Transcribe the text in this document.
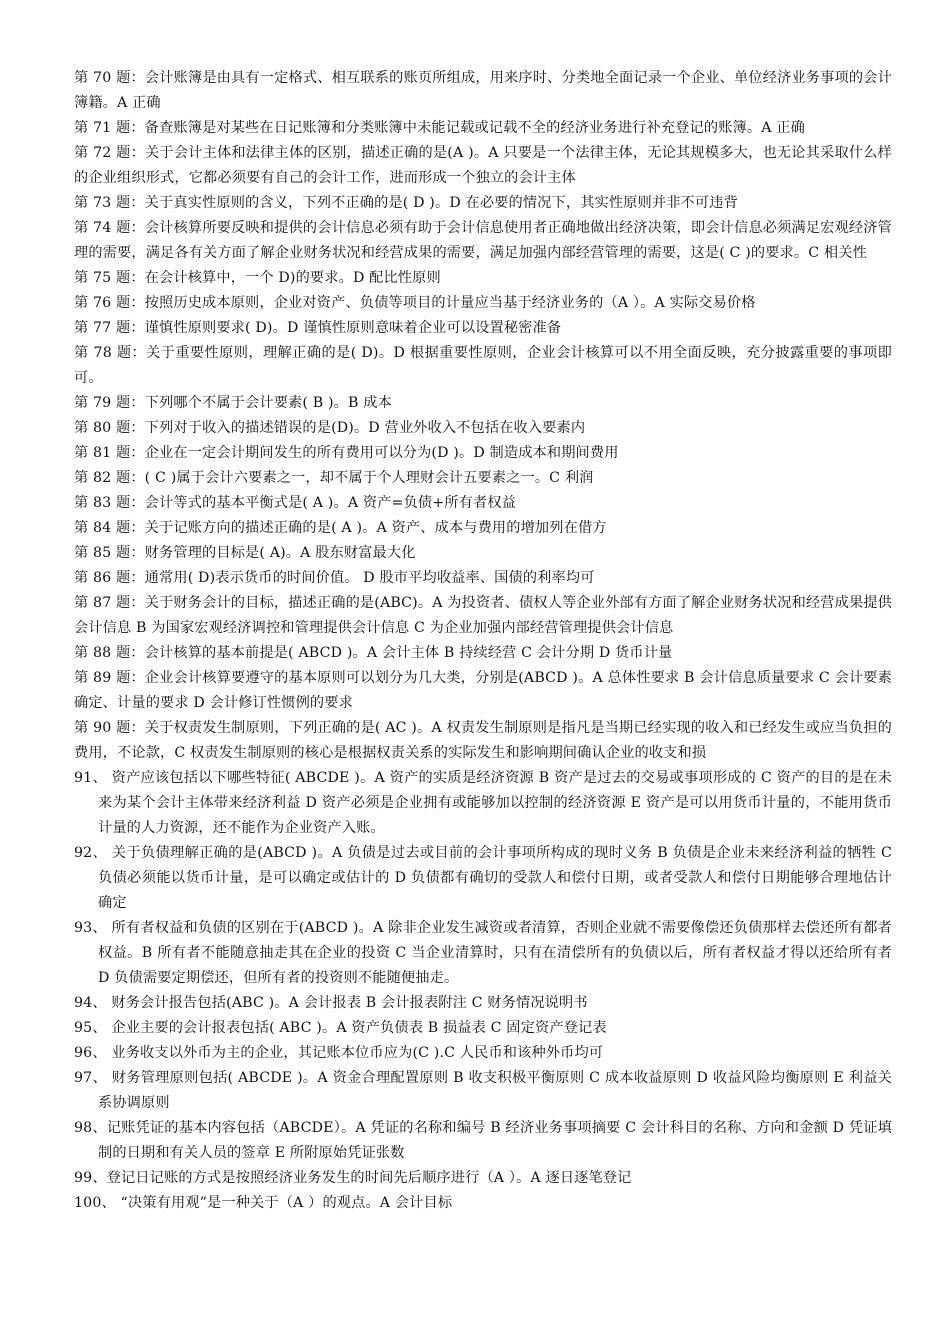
第 70 题：会计账簿是由具有一定格式、相互联系的账页所组成，用来序时、分类地全面记录一个企业、单位经济业务事项的会计簿籍。A 正确

第 71 题：备查账簿是对某些在日记账簿和分类账簿中未能记载或记载不全的经济业务进行补充登记的账簿。A 正确

第 72 题：关于会计主体和法律主体的区别，描述正确的是(A )。A 只要是一个法律主体，无论其规模多大，也无论其采取什么样的企业组织形式，它都必须要有自己的会计工作，进而形成一个独立的会计主体

第 73 题：关于真实性原则的含义，下列不正确的是( D )。D 在必要的情况下，其实性原则并非不可违背

第 74 题：会计核算所要反映和提供的会计信息必须有助于会计信息使用者正确地做出经济决策，即会计信息必须满足宏观经济管理的需要，满足各有关方面了解企业财务状况和经营成果的需要，满足加强内部经营管理的需要，这是( C )的要求。C 相关性

第 75 题：在会计核算中，一个 D)的要求。D 配比性原则

第 76 题：按照历史成本原则，企业对资产、负债等项目的计量应当基于经济业务的（A ）。A 实际交易价格

第 77 题：谨慎性原则要求( D)。D 谨慎性原则意味着企业可以设置秘密准备

第 78 题：关于重要性原则，理解正确的是( D)。D 根据重要性原则，企业会计核算可以不用全面反映，充分披露重要的事项即可。

第 79 题：下列哪个不属于会计要素( B )。B 成本

第 80 题：下列对于收入的描述错误的是(D)。D 营业外收入不包括在收入要素内

第 81 题：企业在一定会计期间发生的所有费用可以分为(D )。D 制造成本和期间费用

第 82 题：( C )属于会计六要素之一，却不属于个人理财会计五要素之一。C 利润

第 83 题：会计等式的基本平衡式是( A )。A 资产=负债+所有者权益

第 84 题：关于记账方向的描述正确的是( A )。A 资产、成本与费用的增加列在借方

第 85 题：财务管理的目标是( A)。A 股东财富最大化

第 86 题：通常用( D)表示货币的时间价值。 D 股市平均收益率、国债的利率均可

第 87 题：关于财务会计的目标，描述正确的是(ABC)。A 为投资者、债权人等企业外部有方面了解企业财务状况和经营成果提供会计信息 B 为国家宏观经济调控和管理提供会计信息 C 为企业加强内部经营管理提供会计信息

第 88 题：会计核算的基本前提是( ABCD )。A 会计主体 B 持续经营 C 会计分期 D 货币计量

第 89 题：企业会计核算要遵守的基本原则可以划分为几大类，分别是(ABCD )。A 总体性要求 B 会计信息质量要求 C 会计要素确定、计量的要求 D 会计修订性惯例的要求

第 90 题：关于权责发生制原则，下列正确的是( AC )。A 权责发生制原则是指凡是当期已经实现的收入和已经发生或应当负担的费用，不论款，C 权责发生制原则的核心是根据权责关系的实际发生和影响期间确认企业的收支和损

91、 资产应该包括以下哪些特征( ABCDE )。A 资产的实质是经济资源 B 资产是过去的交易或事项形成的 C 资产的目的是在未来为某个会计主体带来经济利益 D 资产必须是企业拥有或能够加以控制的经济资源 E 资产是可以用货币计量的，不能用货币计量的人力资源，还不能作为企业资产入账。

92、 关于负债理解正确的是(ABCD )。A 负债是过去或目前的会计事项所构成的现时义务 B 负债是企业未来经济利益的牺牲 C 负债必须能以货币计量，是可以确定或估计的 D 负债都有确切的受款人和偿付日期，或者受款人和偿付日期能够合理地估计确定

93、 所有者权益和负债的区别在于(ABCD )。A 除非企业发生减资或者清算，否则企业就不需要像偿还负债那样去偿还所有都者权益。B 所有者不能随意抽走其在企业的投资 C 当企业清算时，只有在清偿所有的负债以后，所有者权益才得以还给所有者 D 负债需要定期偿还，但所有者的投资则不能随便抽走。

94、 财务会计报告包括(ABC )。A 会计报表 B 会计报表附注 C 财务情况说明书

95、 企业主要的会计报表包括( ABC )。A 资产负债表 B 损益表 C 固定资产登记表

96、 业务收支以外币为主的企业，其记账本位币应为(C ).C 人民币和该种外币均可

97、 财务管理原则包括( ABCDE )。A 资金合理配置原则 B 收支积极平衡原则 C 成本收益原则 D 收益风险均衡原则 E 利益关系协调原则

98、记账凭证的基本内容包括（ABCDE）。A 凭证的名称和编号 B 经济业务事项摘要 C 会计科目的名称、方向和金额 D 凭证填制的日期和有关人员的签章 E 所附原始凭证张数

99、登记日记账的方式是按照经济业务发生的时间先后顺序进行（A ）。A 逐日逐笔登记

100、 “决策有用观”是一种关于（A ）的观点。A 会计目标
